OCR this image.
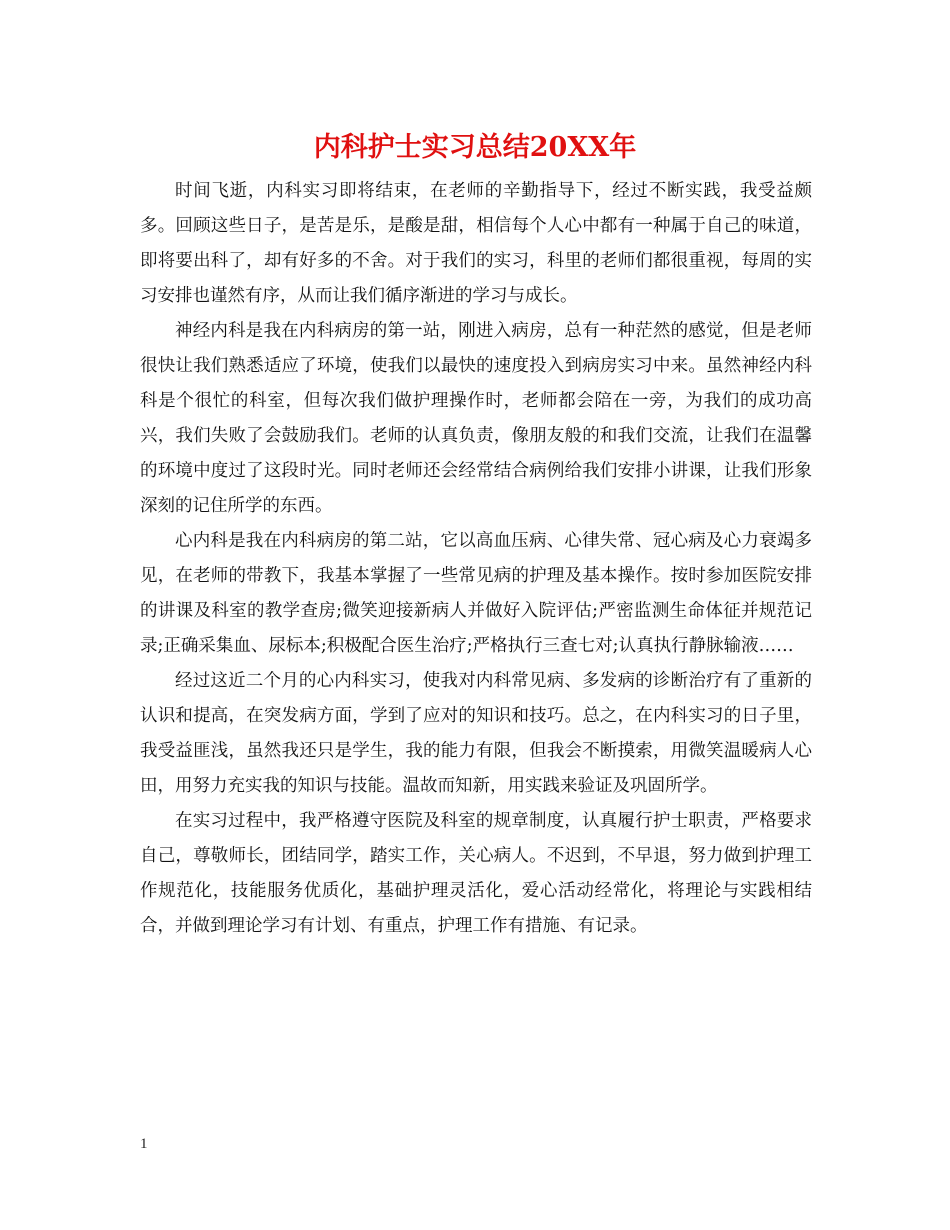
内科护士实习总结20XX年

时间飞逝，内科实习即将结束，在老师的辛勤指导下，经过不断实践，我受益颇多。回顾这些日子，是苦是乐，是酸是甜，相信每个人心中都有一种属于自己的味道，即将要出科了，却有好多的不舍。对于我们的实习，科里的老师们都很重视，每周的实习安排也谨然有序，从而让我们循序渐进的学习与成长。

神经内科是我在内科病房的第一站，刚进入病房，总有一种茫然的感觉，但是老师很快让我们熟悉适应了环境，使我们以最快的速度投入到病房实习中来。虽然神经内科科是个很忙的科室，但每次我们做护理操作时，老师都会陪在一旁，为我们的成功高兴，我们失败了会鼓励我们。老师的认真负责，像朋友般的和我们交流，让我们在温馨的环境中度过了这段时光。同时老师还会经常结合病例给我们安排小讲课，让我们形象深刻的记住所学的东西。

心内科是我在内科病房的第二站，它以高血压病、心律失常、冠心病及心力衰竭多见，在老师的带教下，我基本掌握了一些常见病的护理及基本操作。按时参加医院安排的讲课及科室的教学查房;微笑迎接新病人并做好入院评估;严密监测生命体征并规范记录;正确采集血、尿标本;积极配合医生治疗;严格执行三查七对;认真执行静脉输液……

经过这近二个月的心内科实习，使我对内科常见病、多发病的诊断治疗有了重新的认识和提高，在突发病方面，学到了应对的知识和技巧。总之，在内科实习的日子里，我受益匪浅，虽然我还只是学生，我的能力有限，但我会不断摸索，用微笑温暖病人心田，用努力充实我的知识与技能。温故而知新，用实践来验证及巩固所学。

在实习过程中，我严格遵守医院及科室的规章制度，认真履行护士职责，严格要求自己，尊敬师长，团结同学，踏实工作，关心病人。不迟到，不早退，努力做到护理工作规范化，技能服务优质化，基础护理灵活化，爱心活动经常化，将理论与实践相结合，并做到理论学习有计划、有重点，护理工作有措施、有记录。

1
